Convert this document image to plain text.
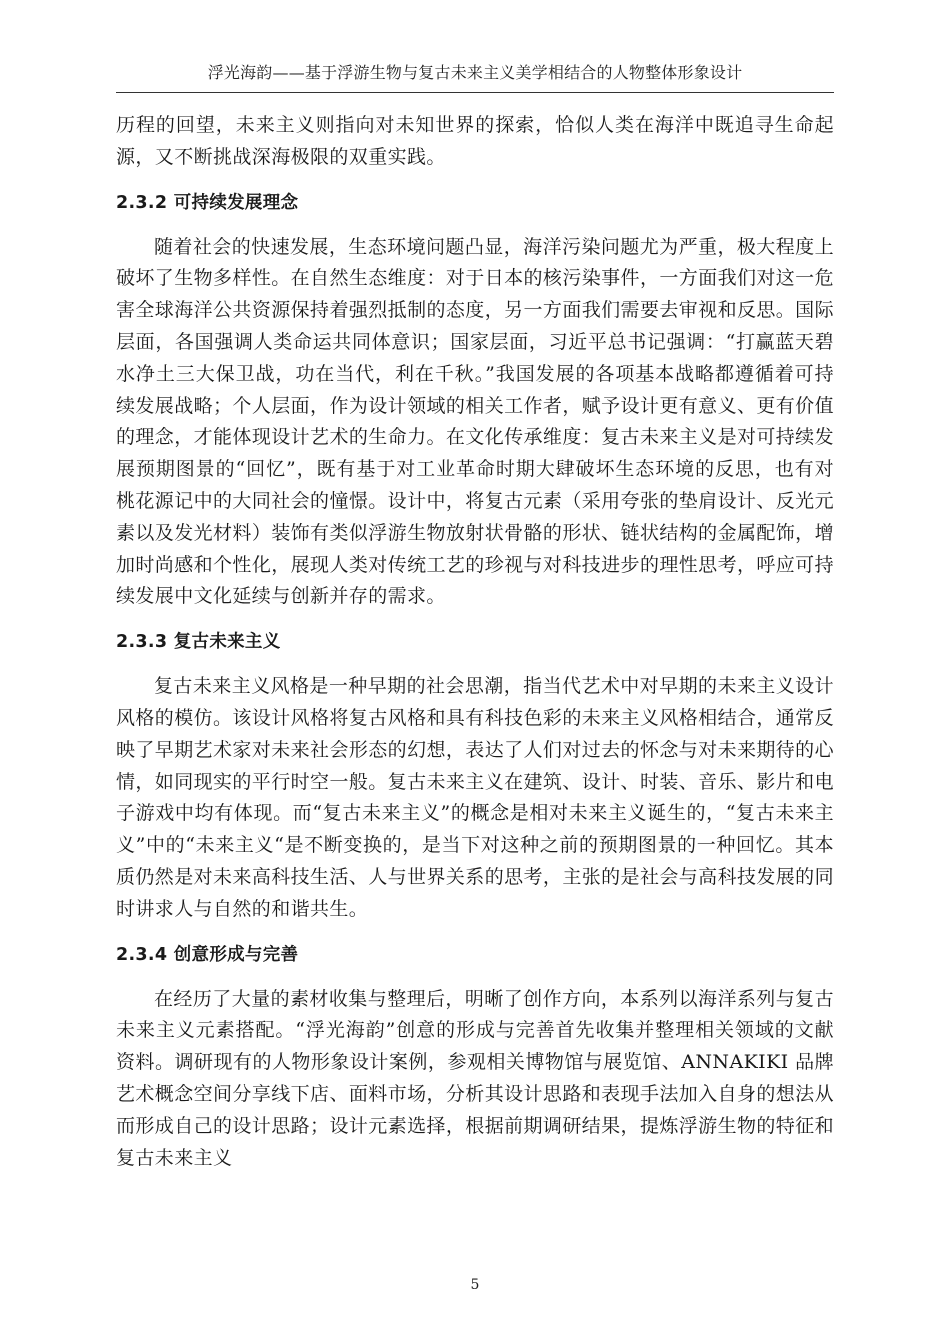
浮光海韵——基于浮游生物与复古未来主义美学相结合的人物整体形象设计

历程的回望，未来主义则指向对未知世界的探索，恰似人类在海洋中既追寻生命起源，又不断挑战深海极限的双重实践。

2.3.2 可持续发展理念

随着社会的快速发展，生态环境问题凸显，海洋污染问题尤为严重，极大程度上破坏了生物多样性。在自然生态维度：对于日本的核污染事件，一方面我们对这一危害全球海洋公共资源保持着强烈抵制的态度，另一方面我们需要去审视和反思。国际层面，各国强调人类命运共同体意识；国家层面，习近平总书记强调：“打赢蓝天碧水净土三大保卫战，功在当代，利在千秋。”我国发展的各项基本战略都遵循着可持续发展战略；个人层面，作为设计领域的相关工作者，赋予设计更有意义、更有价值的理念，才能体现设计艺术的生命力。在文化传承维度：复古未来主义是对可持续发展预期图景的“回忆”，既有基于对工业革命时期大肆破坏生态环境的反思，也有对桃花源记中的大同社会的憧憬。设计中，将复古元素（采用夸张的垫肩设计、反光元素以及发光材料）装饰有类似浮游生物放射状骨骼的形状、链状结构的金属配饰，增加时尚感和个性化，展现人类对传统工艺的珍视与对科技进步的理性思考，呼应可持续发展中文化延续与创新并存的需求。

2.3.3 复古未来主义

复古未来主义风格是一种早期的社会思潮，指当代艺术中对早期的未来主义设计风格的模仿。该设计风格将复古风格和具有科技色彩的未来主义风格相结合，通常反映了早期艺术家对未来社会形态的幻想，表达了人们对过去的怀念与对未来期待的心情，如同现实的平行时空一般。复古未来主义在建筑、设计、时装、音乐、影片和电子游戏中均有体现。而“复古未来主义”的概念是相对未来主义诞生的，“复古未来主义”中的“未来主义“是不断变换的，是当下对这种之前的预期图景的一种回忆。其本质仍然是对未来高科技生活、人与世界关系的思考，主张的是社会与高科技发展的同时讲求人与自然的和谐共生。

2.3.4 创意形成与完善

在经历了大量的素材收集与整理后，明晰了创作方向，本系列以海洋系列与复古未来主义元素搭配。“浮光海韵”创意的形成与完善首先收集并整理相关领域的文献资料。调研现有的人物形象设计案例，参观相关博物馆与展览馆、ANNAKIKI 品牌艺术概念空间分享线下店、面料市场，分析其设计思路和表现手法加入自身的想法从而形成自己的设计思路；设计元素选择，根据前期调研结果，提炼浮游生物的特征和复古未来主义

5
